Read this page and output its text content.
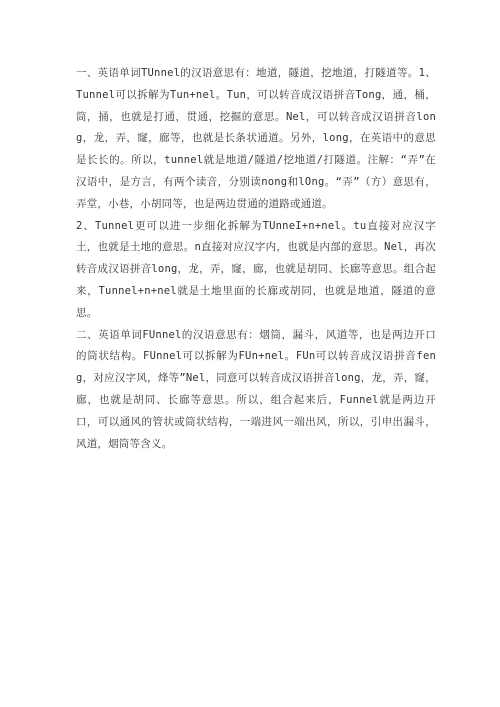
一、英语单词TUnnel的汉语意思有：地道，隧道，挖地道，打隧道等。1、Tunnel可以拆解为Tun+nel。Tun，可以转音成汉语拼音Tong，通，桶，筒，捅，也就是打通，贯通，挖掘的意思。Nel，可以转音成汉语拼音long，龙，弄，窿，廊等，也就是长条状通道。另外，long，在英语中的意思是长长的。所以，tunnel就是地道/隧道/挖地道/打隧道。注解：“弄”在汉语中，是方言，有两个读音，分别读nong和lOng。“弄”（方）意思有，弄堂，小巷，小胡同等，也是两边贯通的道路或通道。

2、Tunnel更可以进一步细化拆解为TUnneI+n+nel。tu直接对应汉字土，也就是土地的意思。n直接对应汉字内，也就是内部的意思。Nel，再次转音成汉语拼音long，龙，弄，窿，廊，也就是胡同、长廊等意思。组合起来，Tunnel+n+nel就是土地里面的长廊或胡同，也就是地道，隧道的意思。

二、英语单词FUnnel的汉语意思有：烟筒，漏斗，风道等，也是两边开口的筒状结构。FUnnel可以拆解为FUn+nel。FUn可以转音成汉语拼音feng，对应汉字风，烽等”Nel，同意可以转音成汉语拼音long，龙，弄，窿，廊，也就是胡同、长廊等意思。所以，组合起来后，Funnel就是两边开口，可以通风的管状或筒状结构，一端进风一端出风，所以，引申出漏斗，风道，烟筒等含义。
